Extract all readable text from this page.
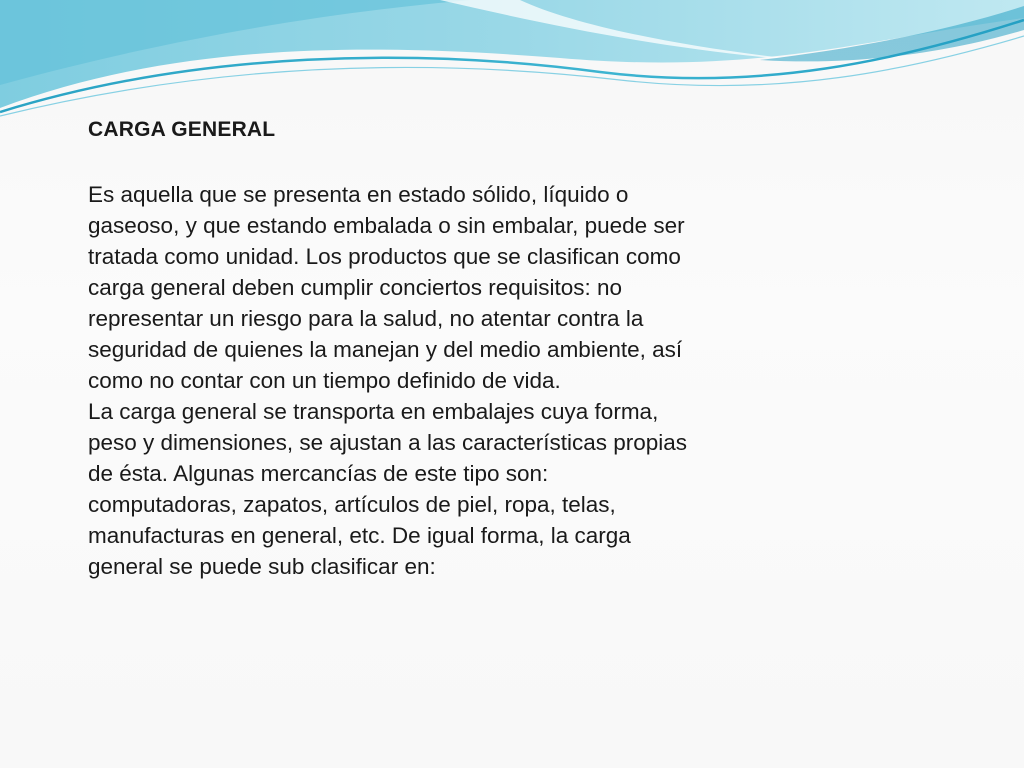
CARGA GENERAL

Es aquella que se presenta en estado sólido, líquido o gaseoso, y que estando embalada o sin embalar, puede ser tratada como unidad. Los productos que se clasifican como carga general deben cumplir conciertos requisitos: no representar un riesgo para la salud, no atentar contra la seguridad de quienes la manejan y del medio ambiente, así como no contar con un tiempo definido de vida.

La carga general se transporta en embalajes cuya forma, peso y dimensiones, se ajustan a las características propias de ésta. Algunas mercancías de este tipo son: computadoras, zapatos, artículos de piel, ropa, telas, manufacturas en general, etc. De igual forma, la carga general se puede sub clasificar en:
